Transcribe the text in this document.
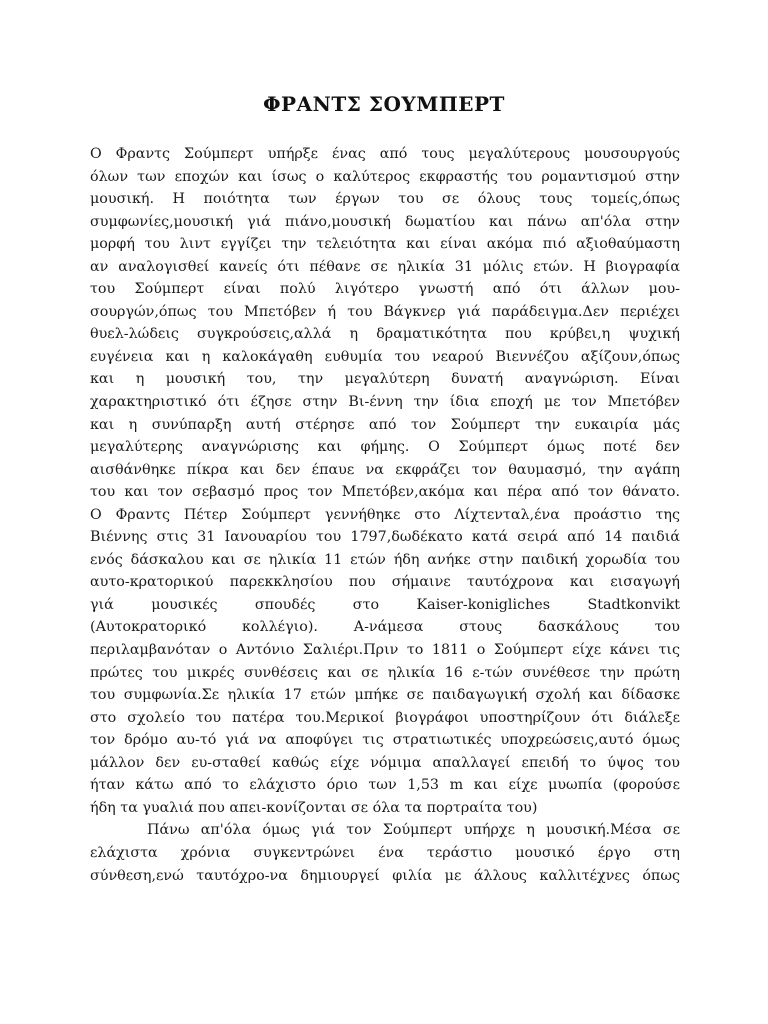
ΦΡΑΝΤΣ ΣΟΥΜΠΕΡΤ
Ο Φραντς Σούμπερτ υπήρξε ένας από τους μεγαλύτερους μουσουργούς
όλων των εποχών και ίσως ο καλύτερος εκφραστής του ρομαντισμού στην
μουσική. Η ποιότητα των έργων του σε όλους τους τομείς,όπως
συμφωνίες,μουσική γιά πιάνο,μουσική δωματίου και πάνω απ'όλα στην
μορφή του λιντ εγγίζει την τελειότητα και είναι ακόμα πιό αξιοθαύμαστη
αν αναλογισθεί κανείς ότι πέθανε σε ηλικία 31 μόλις ετών. Η βιογραφία
του Σούμπερτ είναι πολύ λιγότερο γνωστή από ότι άλλων μου-
σουργών,όπως του Μπετόβεν ή του Βάγκνερ γιά παράδειγμα.Δεν περιέχει
θυελ-λώδεις συγκρούσεις,αλλά η δραματικότητα που κρύβει,η ψυχική
ευγένεια και η καλοκάγαθη ευθυμία του νεαρού Βιεννέζου αξίζουν,όπως
και η μουσική του, την μεγαλύτερη δυνατή αναγνώριση. Είναι
χαρακτηριστικό ότι έζησε στην Βι-έννη την ίδια εποχή με τον Μπετόβεν
και η συνύπαρξη αυτή στέρησε από τον Σούμπερτ την ευκαιρία μάς
μεγαλύτερης αναγνώρισης και φήμης. Ο Σούμπερτ όμως ποτέ δεν
αισθάνθηκε πίκρα και δεν έπαυε να εκφράζει τον θαυμασμό, την αγάπη
του και τον σεβασμό προς τον Μπετόβεν,ακόμα και πέρα από τον θάνατο.
Ο Φραντς Πέτερ Σούμπερτ γεννήθηκε στο Λίχτενταλ,ένα προάστιο της
Βιέννης στις 31 Ιανουαρίου του 1797,δωδέκατο κατά σειρά από 14 παιδιά
ενός δάσκαλου και σε ηλικία 11 ετών ήδη ανήκε στην παιδική χορωδία του
αυτο-κρατορικού παρεκκλησίου που σήμαινε ταυτόχρονα και εισαγωγή
γιά μουσικές σπουδές στο Kaiser-konigliches Stadtkonvikt
(Αυτοκρατορικό κολλέγιο). Α-νάμεσα στους δασκάλους του
περιλαμβανόταν ο Αντόνιο Σαλιέρι.Πριν το 1811 ο Σούμπερτ είχε κάνει τις
πρώτες του μικρές συνθέσεις και σε ηλικία 16 ε-τών συνέθεσε την πρώτη
του συμφωνία.Σε ηλικία 17 ετών μπήκε σε παιδαγωγική σχολή και δίδασκε
στο σχολείο του πατέρα του.Μερικοί βιογράφοι υποστηρίζουν ότι διάλεξε
τον δρόμο αυ-τό γιά να αποφύγει τις στρατιωτικές υποχρεώσεις,αυτό όμως
μάλλον δεν ευ-σταθεί καθώς είχε νόμιμα απαλλαγεί επειδή το ύψος του
ήταν κάτω από το ελάχιστο όριο των 1,53 m και είχε μυωπία (φορούσε
ήδη τα γυαλιά που απει-κονίζονται σε όλα τα πορτραίτα του)
Πάνω απ'όλα όμως γιά τον Σούμπερτ υπήρχε η μουσική.Μέσα σε
ελάχιστα χρόνια συγκεντρώνει ένα τεράστιο μουσικό έργο στη
σύνθεση,ενώ ταυτόχρο-να δημιουργεί φιλία με άλλους καλλιτέχνες όπως
